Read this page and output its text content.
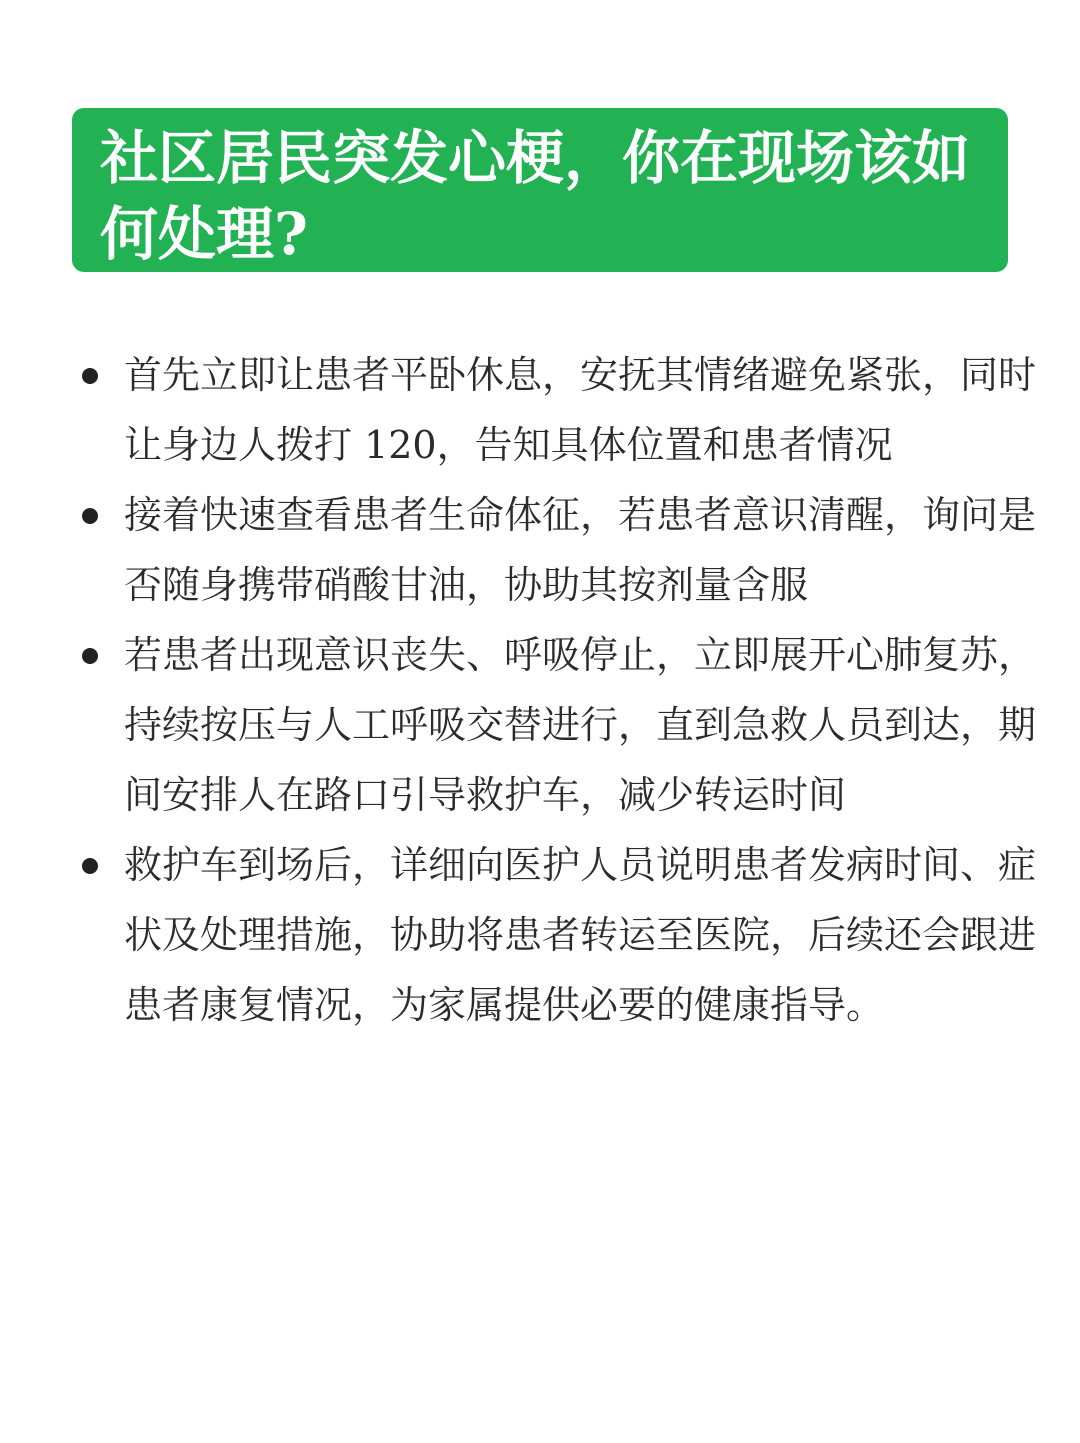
社区居民突发心梗，你在现场该如何处理?
首先立即让患者平卧休息，安抚其情绪避免紧张，同时让身边人拨打 120，告知具体位置和患者情况
接着快速查看患者生命体征，若患者意识清醒，询问是否随身携带硝酸甘油，协助其按剂量含服
若患者出现意识丧失、呼吸停止，立即展开心肺复苏，持续按压与人工呼吸交替进行，直到急救人员到达，期间安排人在路口引导救护车，减少转运时间
救护车到场后，详细向医护人员说明患者发病时间、症状及处理措施，协助将患者转运至医院，后续还会跟进患者康复情况，为家属提供必要的健康指导。
